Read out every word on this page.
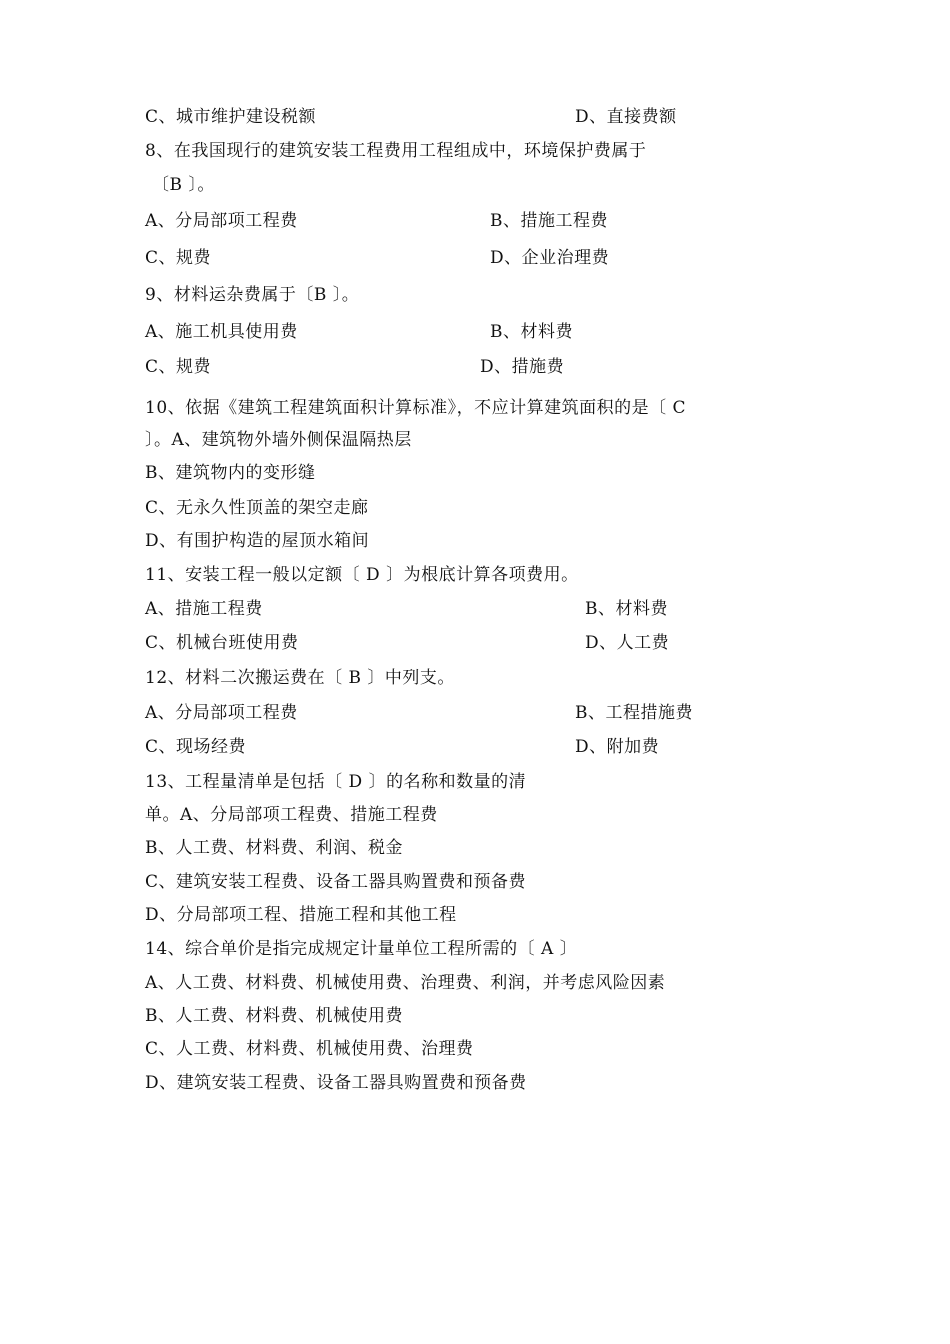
C、城市维护建设税额	D、直接费额
8、在我国现行的建筑安装工程费用工程组成中，环境保护费属于
〔B 〕。
A、分局部项工程费	B、措施工程费
C、规费	D、企业治理费
9、材料运杂费属于〔B 〕。
A、施工机具使用费	B、材料费
C、规费	D、措施费
10、依据《建筑工程建筑面积计算标准》，不应计算建筑面积的是〔 C
〕。A、建筑物外墙外侧保温隔热层
B、建筑物内的变形缝
C、无永久性顶盖的架空走廊
D、有围护构造的屋顶水箱间
11、安装工程一般以定额〔 D 〕为根底计算各项费用。
A、措施工程费	B、材料费
C、机械台班使用费	D、人工费
12、材料二次搬运费在〔 B 〕中列支。
A、分局部项工程费	B、工程措施费
C、现场经费	D、附加费
13、工程量清单是包括〔 D 〕的名称和数量的清
单。A、分局部项工程费、措施工程费
B、人工费、材料费、利润、税金
C、建筑安装工程费、设备工器具购置费和预备费
D、分局部项工程、措施工程和其他工程
14、综合单价是指完成规定计量单位工程所需的〔 A 〕
A、人工费、材料费、机械使用费、治理费、利润，并考虑风险因素
B、人工费、材料费、机械使用费
C、人工费、材料费、机械使用费、治理费
D、建筑安装工程费、设备工器具购置费和预备费
